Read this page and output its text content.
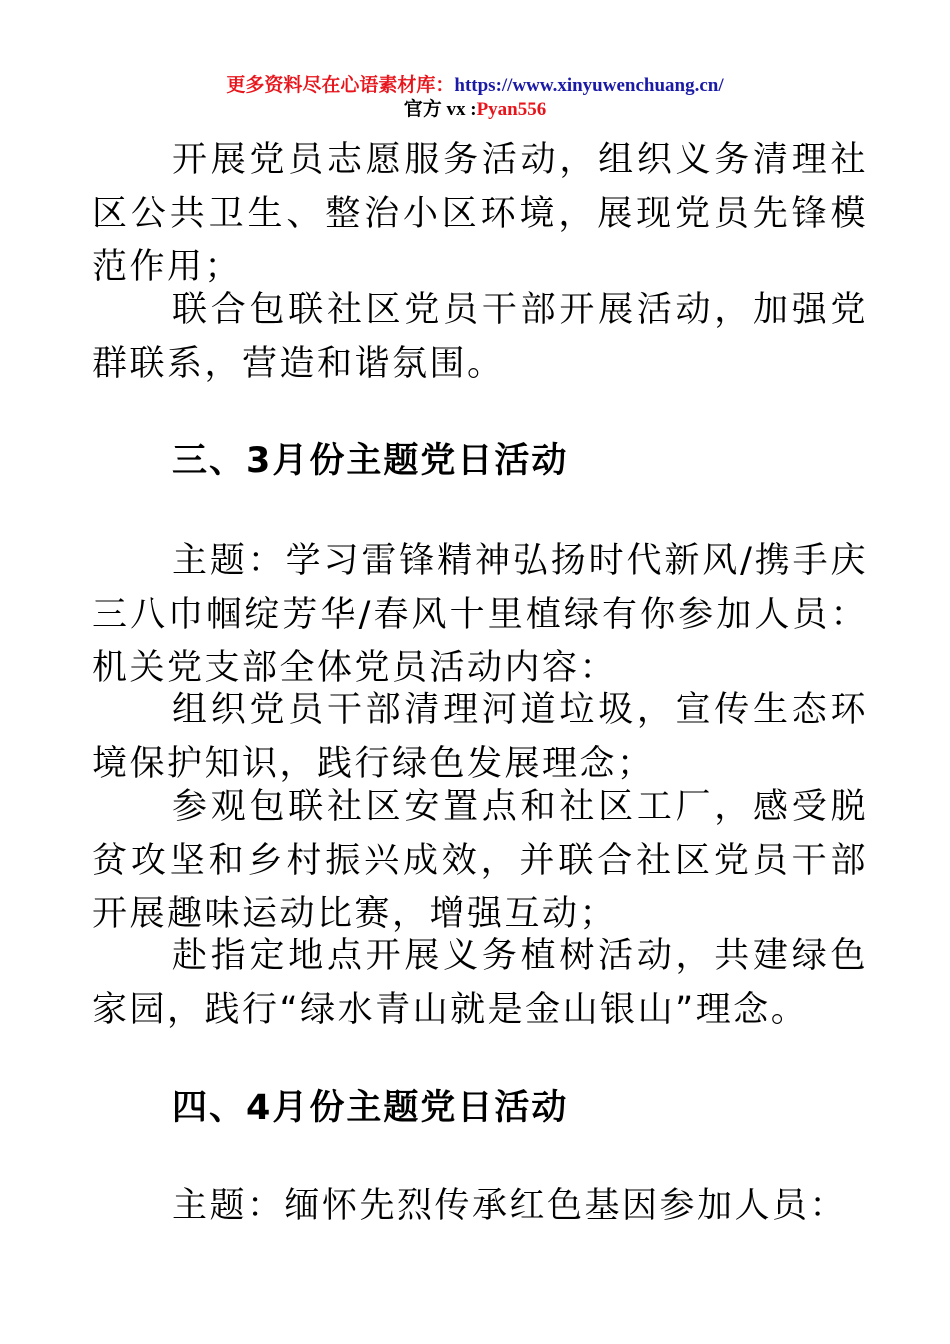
更多资料尽在心语素材库：https://www.xinyuwenchuang.cn/
官方 vx :Pyan556

开展党员志愿服务活动，组织义务清理社区公共卫生、整治小区环境，展现党员先锋模范作用；

联合包联社区党员干部开展活动，加强党群联系，营造和谐氛围。

三、3月份主题党日活动

主题：学习雷锋精神弘扬时代新风/携手庆三八巾帼绽芳华/春风十里植绿有你参加人员：机关党支部全体党员活动内容：

组织党员干部清理河道垃圾，宣传生态环境保护知识，践行绿色发展理念；

参观包联社区安置点和社区工厂，感受脱贫攻坚和乡村振兴成效，并联合社区党员干部开展趣味运动比赛，增强互动；

赴指定地点开展义务植树活动，共建绿色家园，践行“绿水青山就是金山银山”理念。

四、4月份主题党日活动

主题：缅怀先烈传承红色基因参加人员：
